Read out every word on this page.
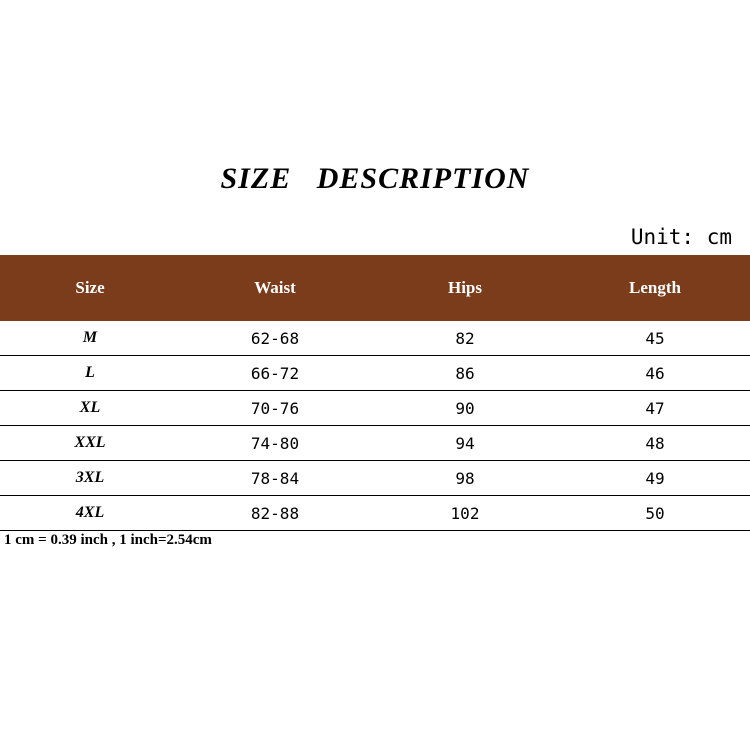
SIZE   DESCRIPTION
Unit: cm
Size	Waist	Hips	Length
M	62-68	82	45
L	66-72	86	46
XL	70-76	90	47
XXL	74-80	94	48
3XL	78-84	98	49
4XL	82-88	102	50
1 cm = 0.39 inch , 1 inch=2.54cm
